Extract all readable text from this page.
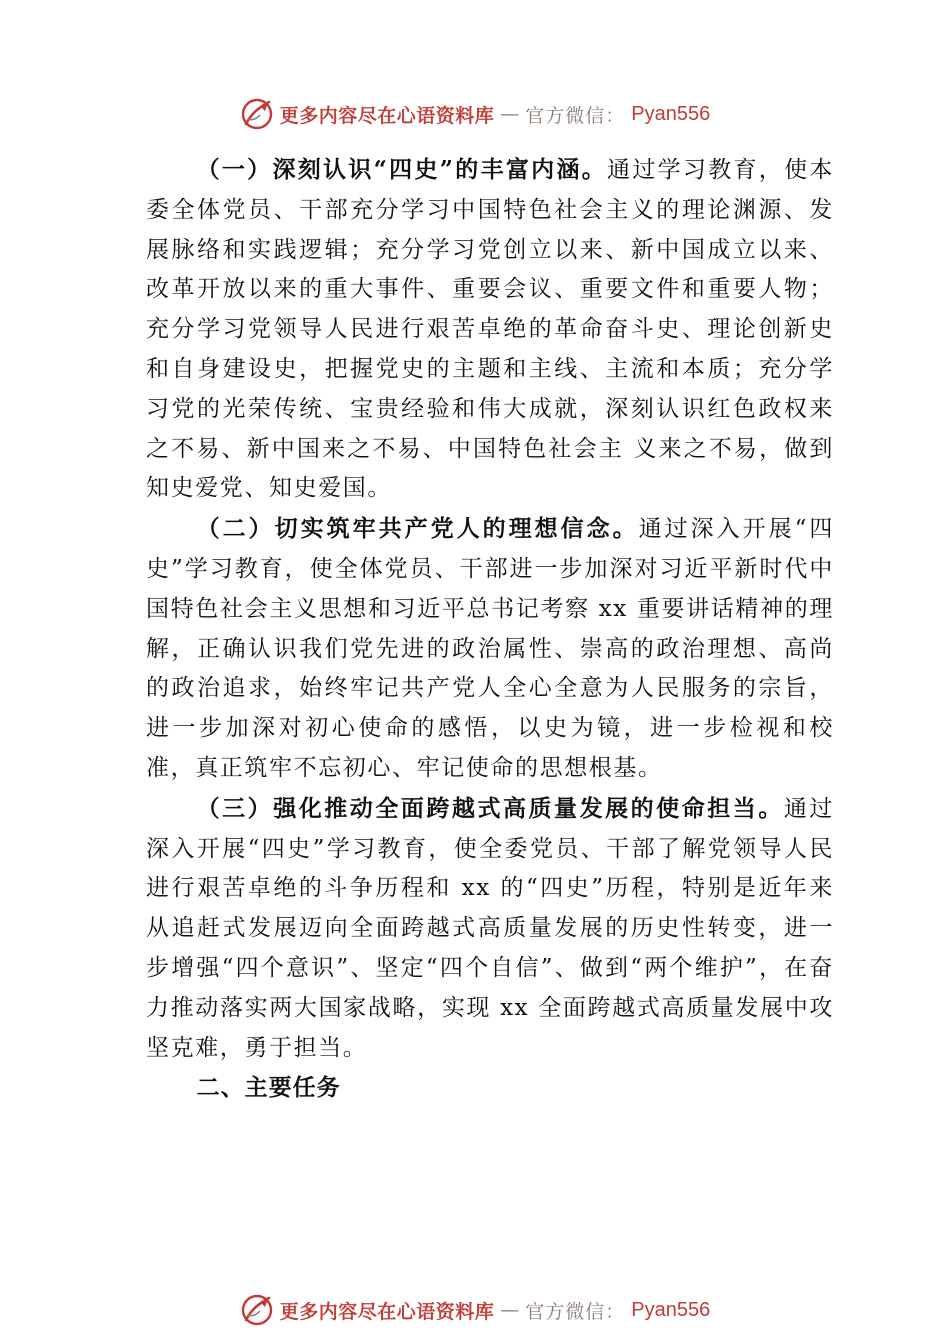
更多内容尽在心语资料库 — 官方微信： Pyan556

（一）深刻认识“四史”的丰富内涵。通过学习教育，使本委全体党员、干部充分学习中国特色社会主义的理论渊源、发展脉络和实践逻辑；充分学习党创立以来、新中国成立以来、改革开放以来的重大事件、重要会议、重要文件和重要人物；充分学习党领导人民进行艰苦卓绝的革命奋斗史、理论创新史和自身建设史，把握党史的主题和主线、主流和本质；充分学习党的光荣传统、宝贵经验和伟大成就，深刻认识红色政权来之不易、新中国来之不易、中国特色社会主 义来之不易，做到知史爱党、知史爱国。

（二）切实筑牢共产党人的理想信念。通过深入开展“四史”学习教育，使全体党员、干部进一步加深对习近平新时代中国特色社会主义思想和习近平总书记考察 xx 重要讲话精神的理解，正确认识我们党先进的政治属性、崇高的政治理想、高尚的政治追求，始终牢记共产党人全心全意为人民服务的宗旨，进一步加深对初心使命的感悟，以史为镜，进一步检视和校准，真正筑牢不忘初心、牢记使命的思想根基。

（三）强化推动全面跨越式高质量发展的使命担当。通过深入开展“四史”学习教育，使全委党员、干部了解党领导人民进行艰苦卓绝的斗争历程和 xx 的“四史”历程，特别是近年来从追赶式发展迈向全面跨越式高质量发展的历史性转变，进一步增强“四个意识”、坚定“四个自信”、做到“两个维护”，在奋力推动落实两大国家战略，实现 xx 全面跨越式高质量发展中攻坚克难，勇于担当。

二、主要任务
更多内容尽在心语资料库 — 官方微信： Pyan556
